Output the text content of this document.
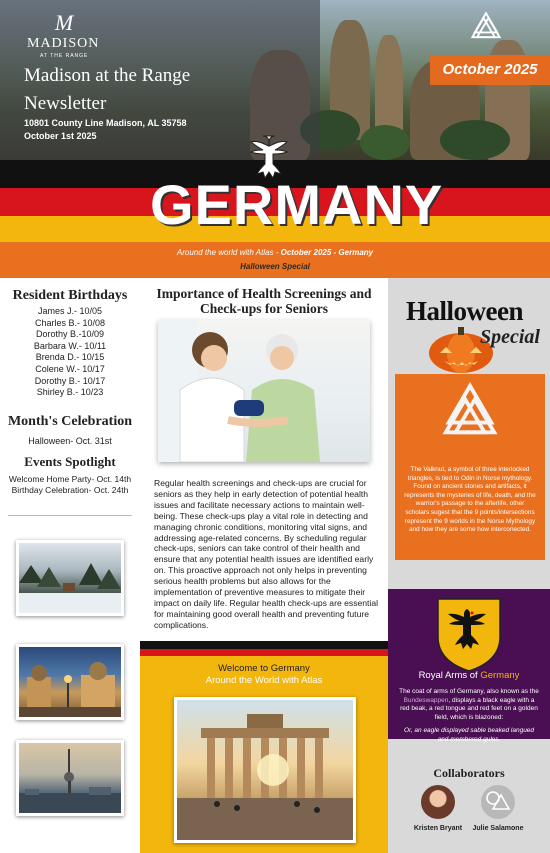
M
MADISON
AT THE RANGE
Madison at the Range
Newsletter
10801 County Line Madison, AL 35758
October 1st 2025
October 2025
GERMANY
Around the world with Atlas - October 2025 - Germany
Halloween Special
Resident Birthdays
James J.- 10/05
Charles B.- 10/08
Dorothy B.-10/09
Barbara W.- 10/11
Brenda D.- 10/15
Colene W.- 10/17
Dorothy B.- 10/17
Shirley B.- 10/23
Month's Celebration
Halloween- Oct. 31st
Events Spotlight
Welcome Home Party- Oct. 14th
Birthday Celebration- Oct. 24th
Importance of Health Screenings and Check-ups for Seniors
Regular health screenings and check-ups are crucial for seniors as they help in early detection of potential health issues and facilitate necessary actions to maintain well-being. These check-ups play a vital role in detecting and managing chronic conditions, monitoring vital signs, and addressing age-related concerns. By scheduling regular check-ups, seniors can take control of their health and ensure that any potential health issues are identified early on. This proactive approach not only helps in preventing serious health problems but also allows for the implementation of preventive measures to mitigate their impact on daily life. Regular health check-ups are essential for maintaining good overall health and preventing future complications.
Welcome to Germany
Around the World with Atlas
Halloween
Special
The Valknut, a symbol of three interlocked triangles, is tied to Odin in Norse mythology. Found on ancient stones and artifacts, it represents the mysteries of life, death, and the warrior's passage to the afterlife, other scholars sugest that the 9 points/intersections represent the 9 worlds in the Norse Mythology and how they are some how interconected.
Royal Arms of Germany
The coat of arms of Germany, also known as the Bundeswappen, displays a black eagle with a red beak, a red tongue and red feet on a golden field, which is blazoned:
Or, an eagle displayed sable beaked langued and membered gules.
Collaborators
Kristen Bryant	Julie Salamone
